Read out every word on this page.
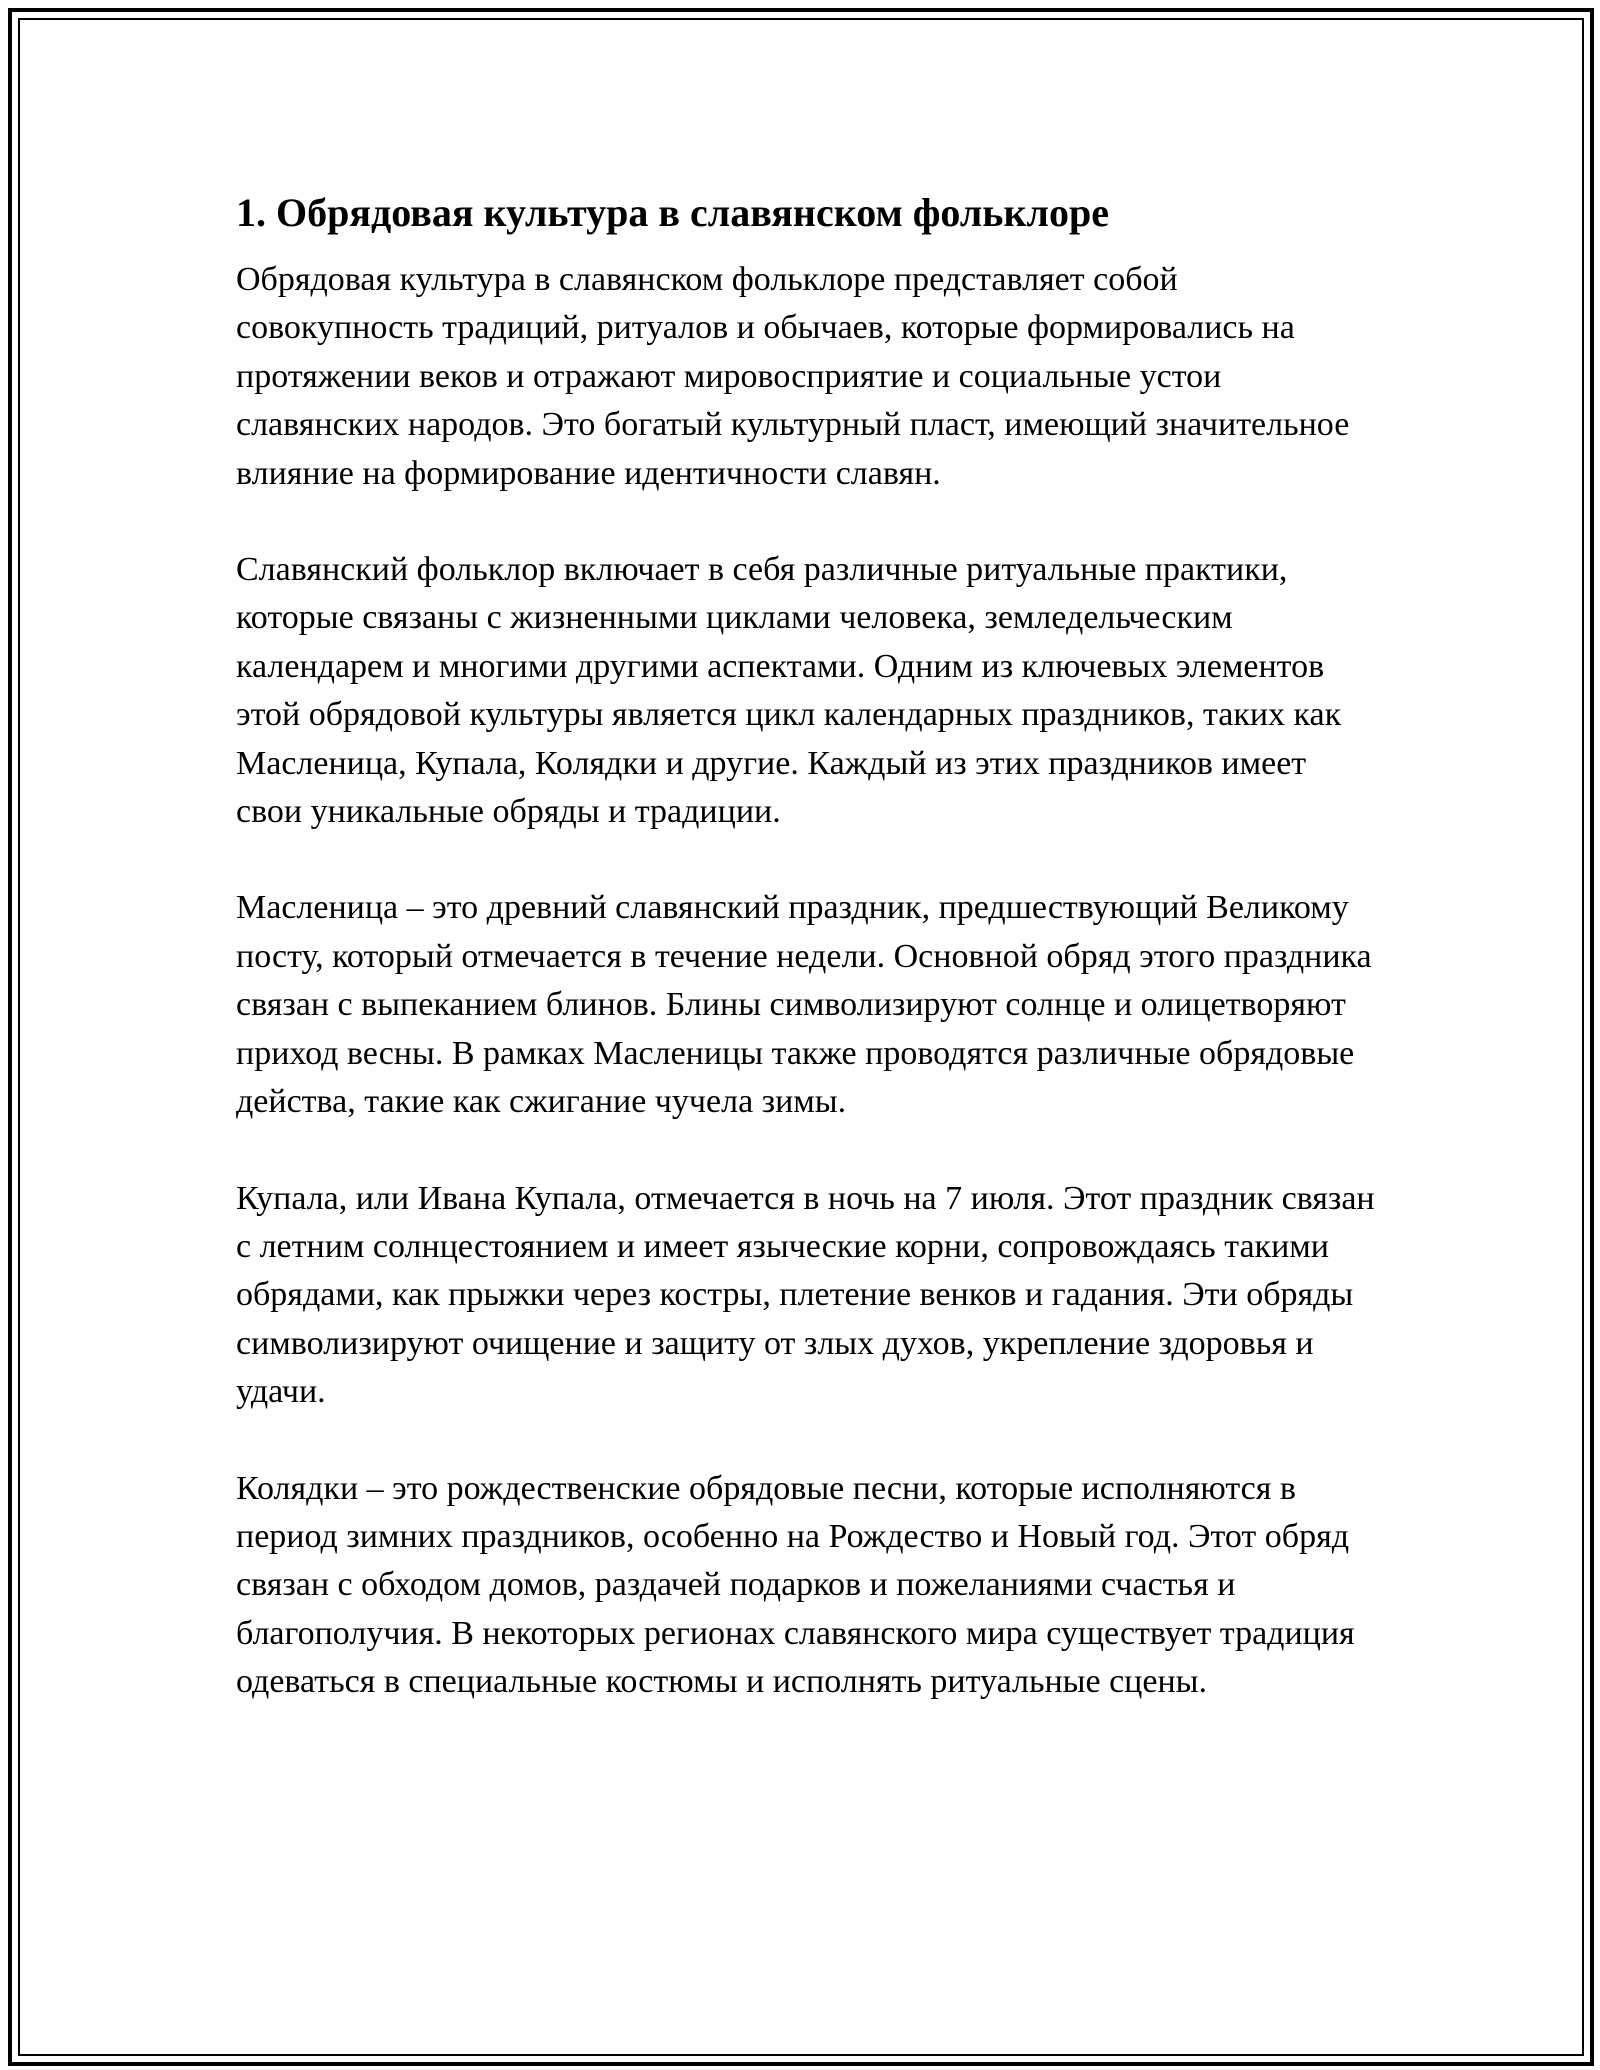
1. Обрядовая культура в славянском фольклоре

Обрядовая культура в славянском фольклоре представляет собой совокупность традиций, ритуалов и обычаев, которые формировались на протяжении веков и отражают мировосприятие и социальные устои славянских народов. Это богатый культурный пласт, имеющий значительное влияние на формирование идентичности славян.

Славянский фольклор включает в себя различные ритуальные практики, которые связаны с жизненными циклами человека, земледельческим календарем и многими другими аспектами. Одним из ключевых элементов этой обрядовой культуры является цикл календарных праздников, таких как Масленица, Купала, Колядки и другие. Каждый из этих праздников имеет свои уникальные обряды и традиции.

Масленица – это древний славянский праздник, предшествующий Великому посту, который отмечается в течение недели. Основной обряд этого праздника связан с выпеканием блинов. Блины символизируют солнце и олицетворяют приход весны. В рамках Масленицы также проводятся различные обрядовые действа, такие как сжигание чучела зимы.

Купала, или Ивана Купала, отмечается в ночь на 7 июля. Этот праздник связан с летним солнцестоянием и имеет языческие корни, сопровождаясь такими обрядами, как прыжки через костры, плетение венков и гадания. Эти обряды символизируют очищение и защиту от злых духов, укрепление здоровья и удачи.

Колядки – это рождественские обрядовые песни, которые исполняются в период зимних праздников, особенно на Рождество и Новый год. Этот обряд связан с обходом домов, раздачей подарков и пожеланиями счастья и благополучия. В некоторых регионах славянского мира существует традиция одеваться в специальные костюмы и исполнять ритуальные сцены.
